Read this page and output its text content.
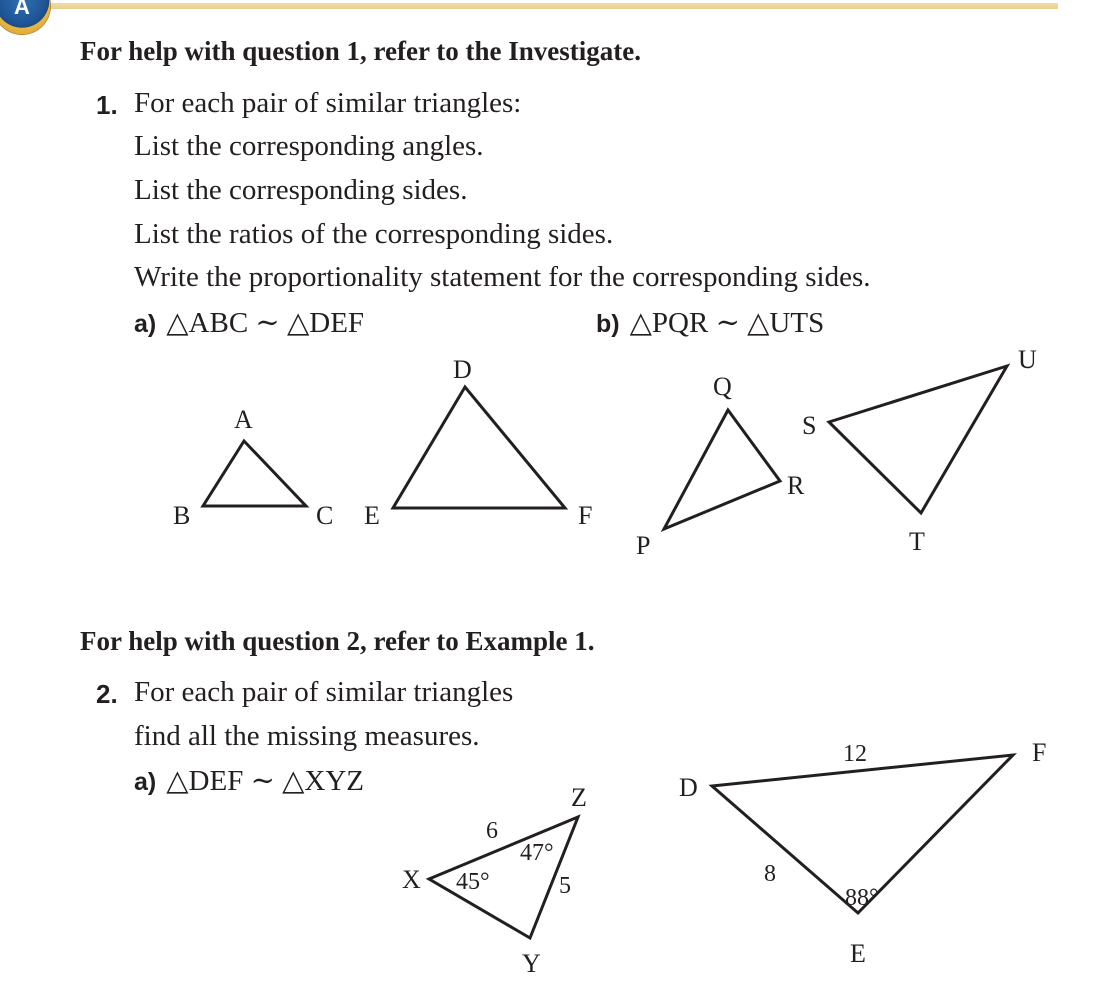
A
For help with question 1, refer to the Investigate.
1. For each pair of similar triangles:
List the corresponding angles.
List the corresponding sides.
List the ratios of the corresponding sides.
Write the proportionality statement for the corresponding sides.
a) △ABC ∼ △DEF	b) △PQR ∼ △UTS
For help with question 2, refer to Example 1.
2. For each pair of similar triangles
find all the missing measures.
a) △DEF ∼ △XYZ
A
B	C
D
E	F
Q
P
R
S
T
U
Z
X
Y
6
5
45°
47°
D
F
E
12
8
88°
